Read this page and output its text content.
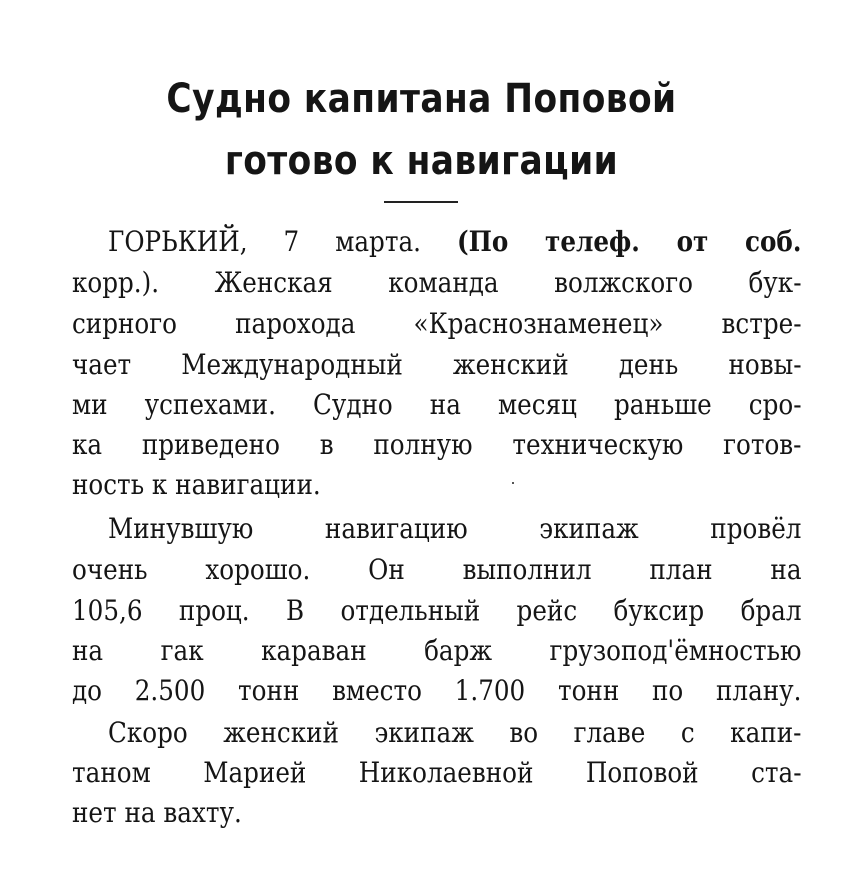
Судно капитана Поповой
готово к навигации
ГОРЬКИЙ, 7 марта. (По телеф. от соб.
корр.). Женская команда волжского бук-
сирного парохода «Краснознаменец» встре-
чает Международный женский день новы-
ми успехами. Судно на месяц раньше сро-
ка приведено в полную техническую готов-
ность к навигации.
Минувшую навигацию экипаж провёл
очень хорошо. Он выполнил план на
105,6 проц. В отдельный рейс буксир брал
на гак караван барж грузопод'ёмностью
до 2.500 тонн вместо 1.700 тонн по плану.
Скоро женский экипаж во главе с капи-
таном Марией Николаевной Поповой ста-
нет на вахту.
